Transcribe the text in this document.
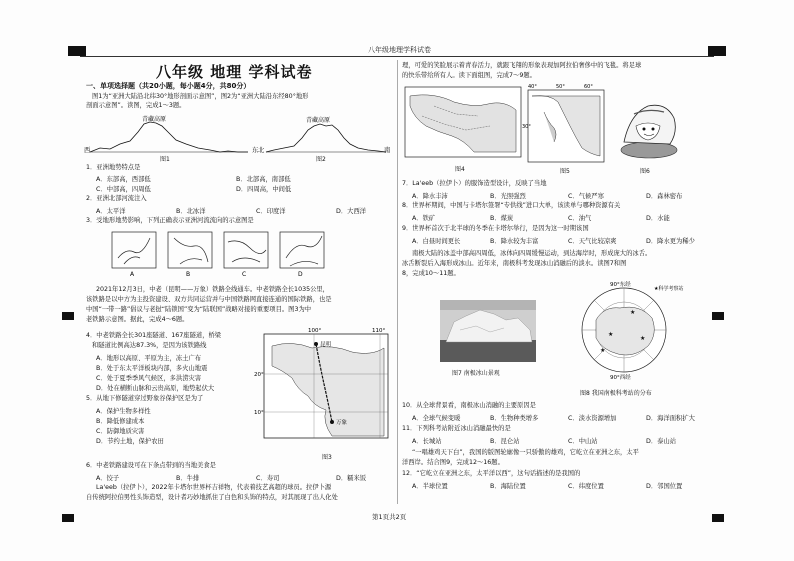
八年级地理学科试卷
八年级 地理 学科试卷
一、单项选择题（共20小题，每小题4分，共80分）
图1为“亚洲大陆沿北纬30°地形剖面示意图”，图2为“亚洲大陆沿东经80°地形
剖面示意图”。读图，完成1～3题。
青藏高原
西	东
图1
青藏高原
北	南
图2
1．亚洲地势特点是
A．东部高，西部低	B．北部高，南部低
C．中部高，四周低	D．四周高，中间低
2．亚洲北部河流注入
A．太平洋	B．北冰洋	C．印度洋	D．大西洋
3．受地形地势影响，下列正确表示亚洲河流流向的示意图是
A	B	C	D
2021年12月3日，中老（昆明——万象）铁路全线通车。中老铁路全长1035公里，
该铁路是以中方为主投资建设、双方共同运营并与中国铁路网直接连通的国际铁路，也是
中国“一带一路”倡议与老挝“陆锁国”变为“陆联国”战略对接的重要项目。图3为中
老铁路示意图。据此，完成4～6题。
4．中老铁路全长301座隧道、167座隧道，桥梁
和隧道比例高达87.3%，是因为该铁路线
A．地形以高原、平原为主，冻土广布
B．处于东太平洋板块内部，多火山地震
C．处于夏季季风气候区，多洪涝灾害
D．处在横断山脉和云贵高原，地势起伏大
5．从地下修隧道穿过野象谷保护区是为了
A．保护生物多样性
B．降低修建成本
C．防御地质灾害
D．节约土地，保护农田
100°	110°
20°
10°
昆明
万象
图3
6．中老铁路建设可在下条点带到的当地美食是
A．饺子	B．牛排	C．寿司	D．糯米饭
La'eeb（拉伊卜），2022年卡塔尔世界杯吉祥物，代表着技艺高超的球员。拉伊卜源
自传统阿拉伯男性头饰造型，设计者巧妙地抓住了白色和头饰的特点，对其展现了出人化处
理，可爱的笑脸展示着青春活力，就跟飞翔的形象表现加阿拉伯奢侈中的飞毯。将足球
的快乐带给所有人。读下面组图，完成7～9题。
图4
40°	50°	60°
30°
图5	图6
7．La'eeb（拉伊卜）的服饰造型设计，反映了当地
A．降水丰沛	B．光照强烈	C．气候严寒	D．森林密布
8．世界杯期间，中国与卡塔尔签署“专供线”进口大单，该读单与哪种资源有关
A．铁矿	B．煤炭	C．油气	D．水能
9．世界杯首次于北半球的冬季在卡塔尔举行，是因为这一时期该国
A．白昼时间更长	B．降水较为丰富	C．天气比较凉爽	D．降水更为稀少
南极大陆的冰盖中部高四周低，冰体向四周缓慢运动，到达海岸时，形成庞大的冰舌。
冰舌断裂后入海形成冰山。近年来，南极科考发现冰山消融后的淡水。读图7和图
8，完成10～11题。
图7 南极冰山景观
★
★
★
★
90°东经
90°西经
★科学考察站
图8 我国南极科考站的分布
10．从全球背景看，南极冰山消融的主要原因是
A．全球气候变暖	B．生物种类增多	C．淡水资源增加	D．海洋面积扩大
11．下列科考站附近冰山消融最快的是
A．长城站	B．昆仑站	C．中山站	D．泰山站
“一唱雄鸡天下白”，我国的版图轮廓像一只骄傲的雄鸡，它屹立在亚洲之东，太平
洋西岸。结合图9，完成12～16题。
12．“它屹立在亚洲之东，太平洋以西”，这句话描述的是我国的
A．半球位置	B．海陆位置	C．纬度位置	D．邻国位置
第1页共2页
